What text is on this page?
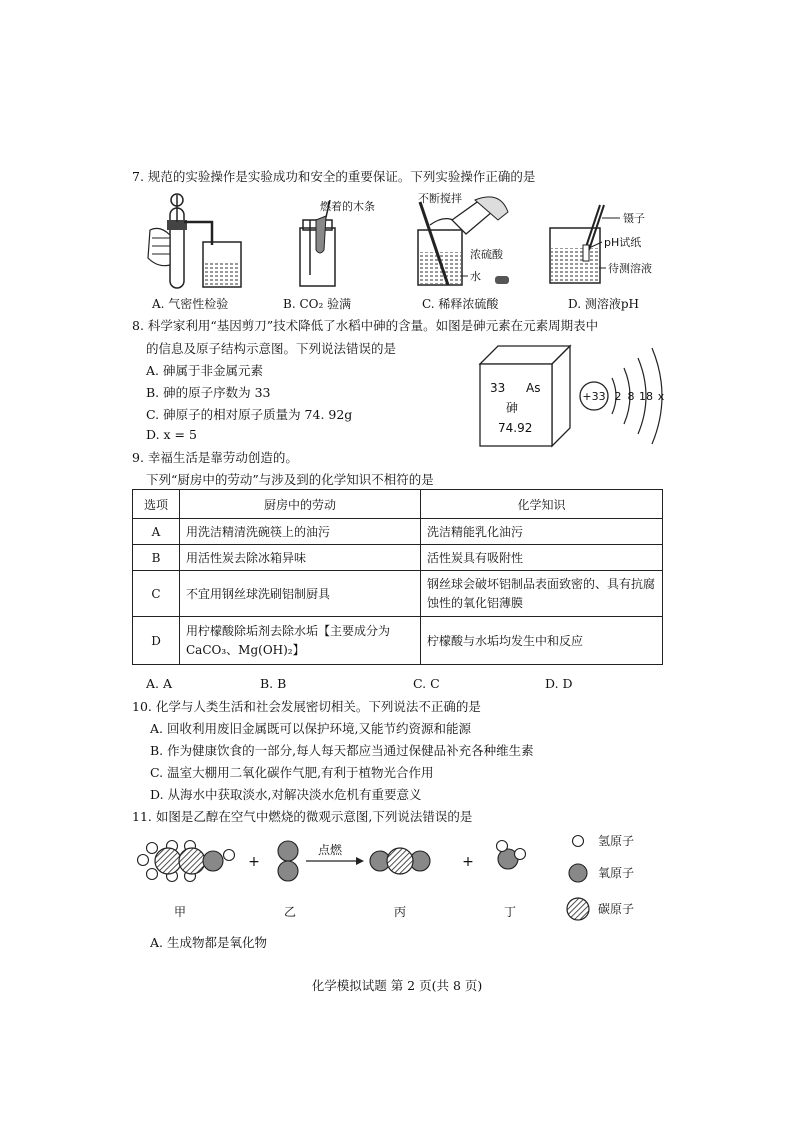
7. 规范的实验操作是实验成功和安全的重要保证。下列实验操作正确的是
燃着的木条
不断搅拌
浓硫酸
水
镊子
pH试纸
待测溶液
A. 气密性检验	B. CO₂ 验满	C. 稀释浓硫酸	D. 测溶液pH
8. 科学家利用“基因剪刀”技术降低了水稻中砷的含量。如图是砷元素在元素周期表中
的信息及原子结构示意图。下列说法错误的是
A. 砷属于非金属元素
B. 砷的原子序数为 33
C. 砷原子的相对原子质量为 74. 92g
D. x = 5
33 As
砷
74.92
+33 2 8 18 x
9. 幸福生活是靠劳动创造的。
下列“厨房中的劳动”与涉及到的化学知识不相符的是
选项	厨房中的劳动	化学知识
A	用洗洁精清洗碗筷上的油污	洗洁精能乳化油污
B	用活性炭去除冰箱异味	活性炭具有吸附性
C	不宜用钢丝球洗刷铝制厨具	钢丝球会破坏铝制品表面致密的、具有抗腐蚀性的氧化铝薄膜
D	用柠檬酸除垢剂去除水垢【主要成分为CaCO₃、Mg(OH)₂】	柠檬酸与水垢均发生中和反应
A. A	B. B	C. C	D. D
10. 化学与人类生活和社会发展密切相关。下列说法不正确的是
A. 回收利用废旧金属既可以保护环境,又能节约资源和能源
B. 作为健康饮食的一部分,每人每天都应当通过保健品补充各种维生素
C. 温室大棚用二氧化碳作气肥,有利于植物光合作用
D. 从海水中获取淡水,对解决淡水危机有重要意义
11. 如图是乙醇在空气中燃烧的微观示意图,下列说法错误的是
+
点燃
+
甲	乙	丙	丁
氢原子
氧原子
碳原子
A. 生成物都是氧化物
化学模拟试题 第 2 页(共 8 页)
